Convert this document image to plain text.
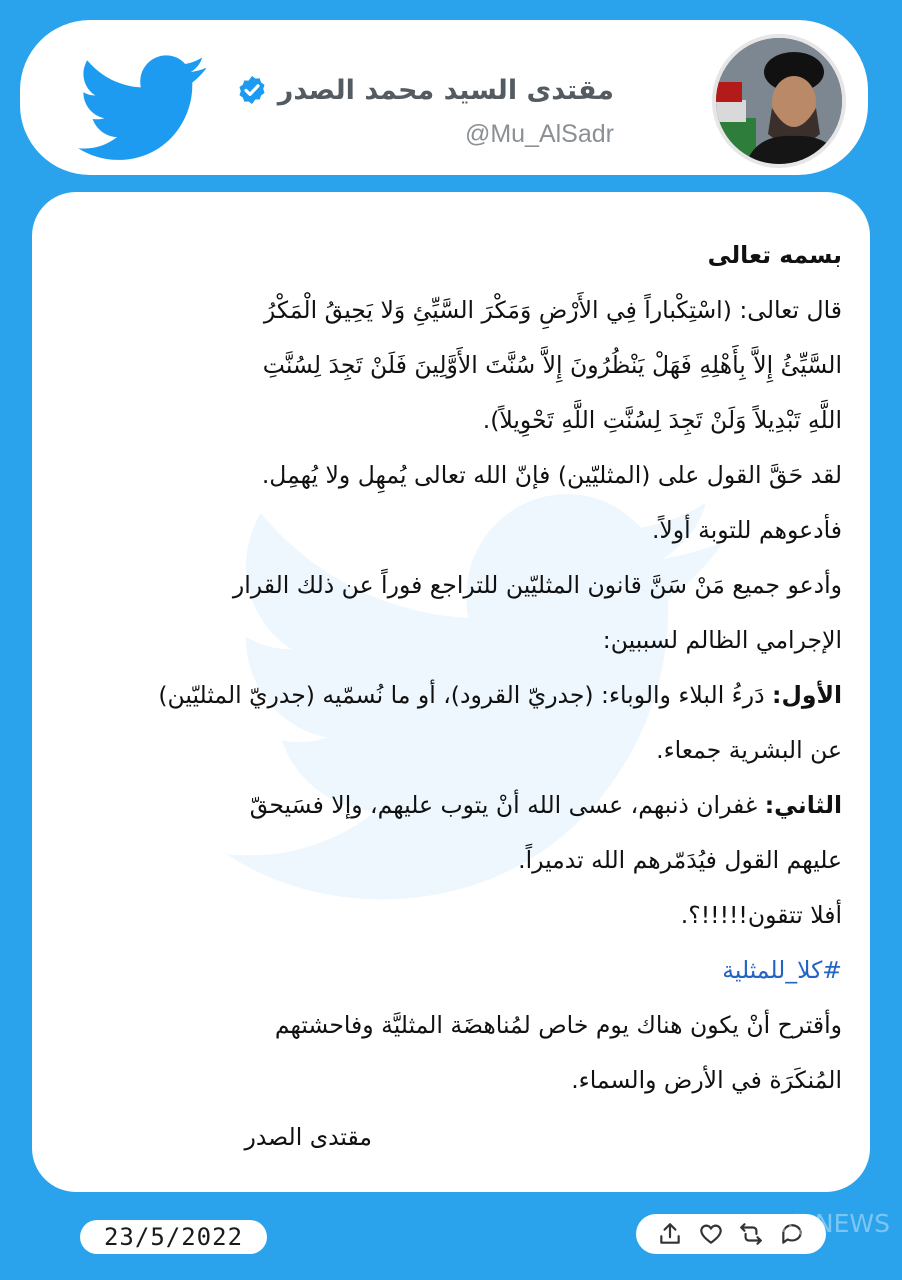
مقتدى السيد محمد الصدر
@Mu_AlSadr

بسمه تعالى

قال تعالى: (اسْتِكْباراً فِي الأَرْضِ وَمَكْرَ السَّيِّئِ وَلا يَحِيقُ الْمَكْرُ

السَّيِّئُ إِلاَّ بِأَهْلِهِ فَهَلْ يَنْظُرُونَ إِلاَّ سُنَّتَ الأَوَّلِينَ فَلَنْ تَجِدَ لِسُنَّتِ

اللَّهِ تَبْدِيلاً وَلَنْ تَجِدَ لِسُنَّتِ اللَّهِ تَحْوِيلاً).

لقد حَقَّ القول على (المثليّين) فإنّ الله تعالى يُمهِل ولا يُهمِل.

فأدعوهم للتوبة أولاً.

وأدعو جميع مَنْ سَنَّ قانون المثليّين للتراجع فوراً عن ذلك القرار

الإجرامي الظالم لسببين:

الأول: دَرءُ البلاء والوباء: (جدريّ القرود)، أو ما نُسمّيه (جدريّ المثليّين)

عن البشرية جمعاء.

الثاني: غفران ذنبهم، عسى الله أنْ يتوب عليهم، وإلا فسَيحقّ

عليهم القول فيُدَمّرهم الله تدميراً.

أفلا تتقون!!!!!؟.

#كلا_للمثلية

وأقترح أنْ يكون هناك يوم خاص لمُناهضَة المثليَّة وفاحشتهم

المُنكَرَة في الأرض والسماء.

مقتدى الصدر

23/5/2022	IQ NEWS
